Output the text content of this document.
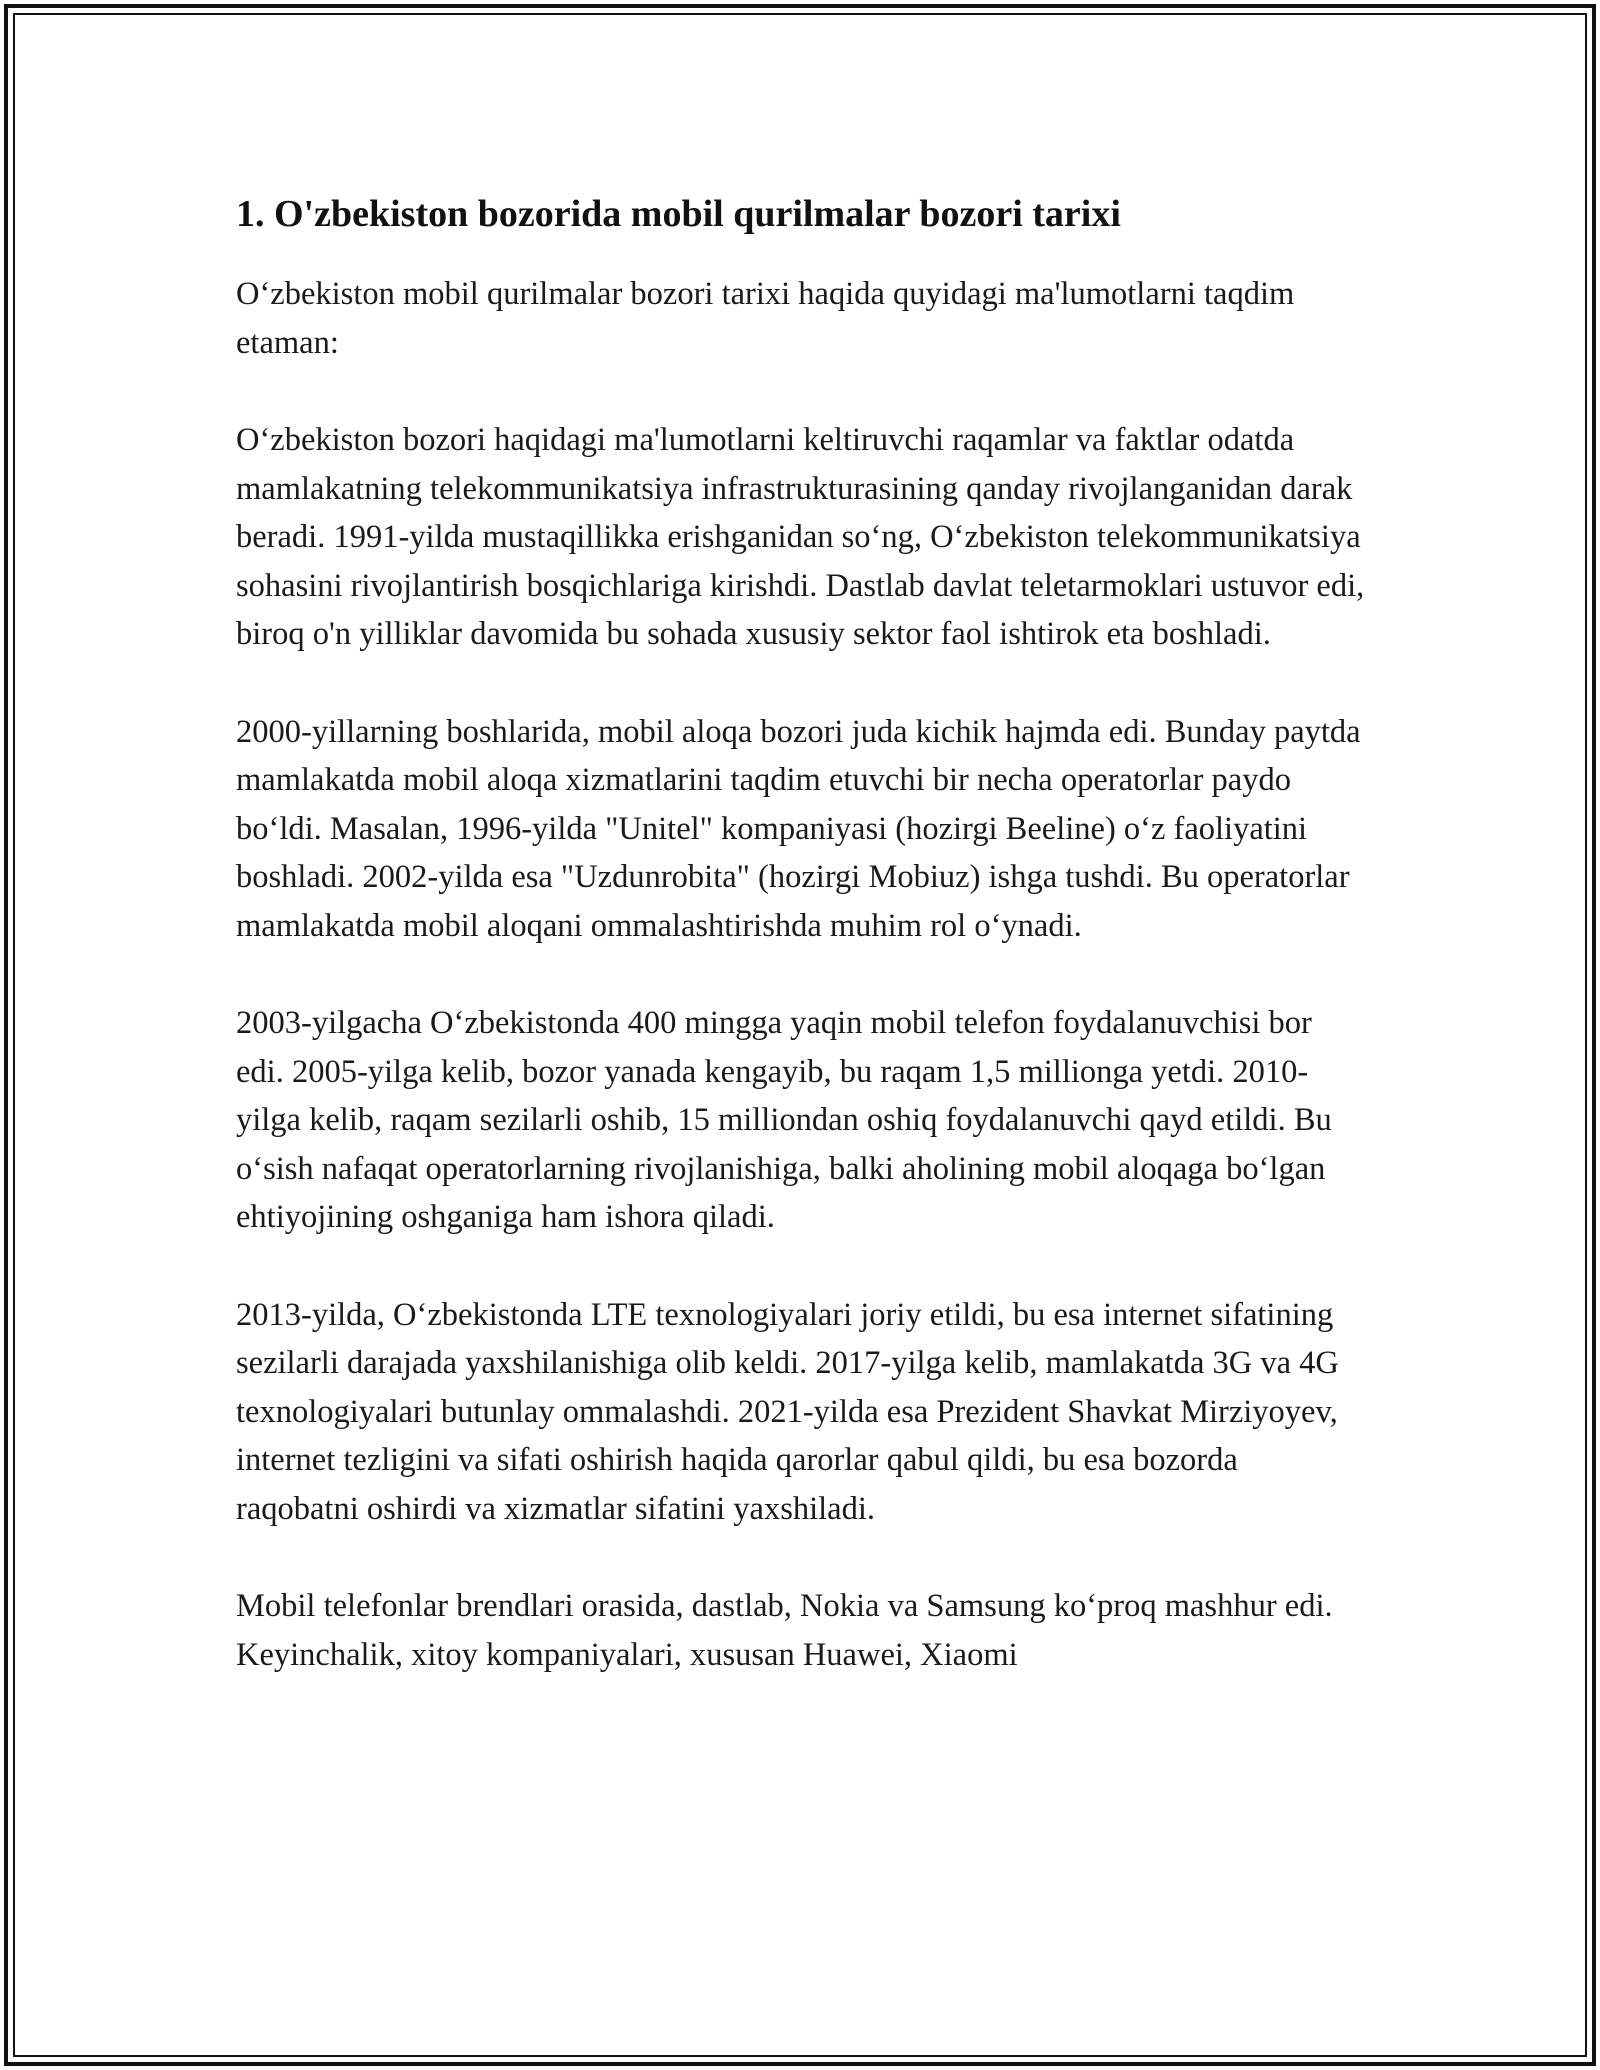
1. O'zbekiston bozorida mobil qurilmalar bozori tarixi

O‘zbekiston mobil qurilmalar bozori tarixi haqida quyidagi ma'lumotlarni taqdim etaman:

O‘zbekiston bozori haqidagi ma'lumotlarni keltiruvchi raqamlar va faktlar odatda mamlakatning telekommunikatsiya infrastrukturasining qanday rivojlanganidan darak beradi. 1991-yilda mustaqillikka erishganidan so‘ng, O‘zbekiston telekommunikatsiya sohasini rivojlantirish bosqichlariga kirishdi. Dastlab davlat teletarmoklari ustuvor edi, biroq o'n yilliklar davomida bu sohada xususiy sektor faol ishtirok eta boshladi.

2000-yillarning boshlarida, mobil aloqa bozori juda kichik hajmda edi. Bunday paytda mamlakatda mobil aloqa xizmatlarini taqdim etuvchi bir necha operatorlar paydo bo‘ldi. Masalan, 1996-yilda "Unitel" kompaniyasi (hozirgi Beeline) o‘z faoliyatini boshladi. 2002-yilda esa "Uzdunrobita" (hozirgi Mobiuz) ishga tushdi. Bu operatorlar mamlakatda mobil aloqani ommalashtirishda muhim rol o‘ynadi.

2003-yilgacha O‘zbekistonda 400 mingga yaqin mobil telefon foydalanuvchisi bor edi. 2005-yilga kelib, bozor yanada kengayib, bu raqam 1,5 millionga yetdi. 2010-yilga kelib, raqam sezilarli oshib, 15 milliondan oshiq foydalanuvchi qayd etildi. Bu o‘sish nafaqat operatorlarning rivojlanishiga, balki aholining mobil aloqaga bo‘lgan ehtiyojining oshganiga ham ishora qiladi.

2013-yilda, O‘zbekistonda LTE texnologiyalari joriy etildi, bu esa internet sifatining sezilarli darajada yaxshilanishiga olib keldi. 2017-yilga kelib, mamlakatda 3G va 4G texnologiyalari butunlay ommalashdi. 2021-yilda esa Prezident Shavkat Mirziyoyev, internet tezligini va sifati oshirish haqida qarorlar qabul qildi, bu esa bozorda raqobatni oshirdi va xizmatlar sifatini yaxshiladi.

Mobil telefonlar brendlari orasida, dastlab, Nokia va Samsung ko‘proq mashhur edi. Keyinchalik, xitoy kompaniyalari, xususan Huawei, Xiaomi
